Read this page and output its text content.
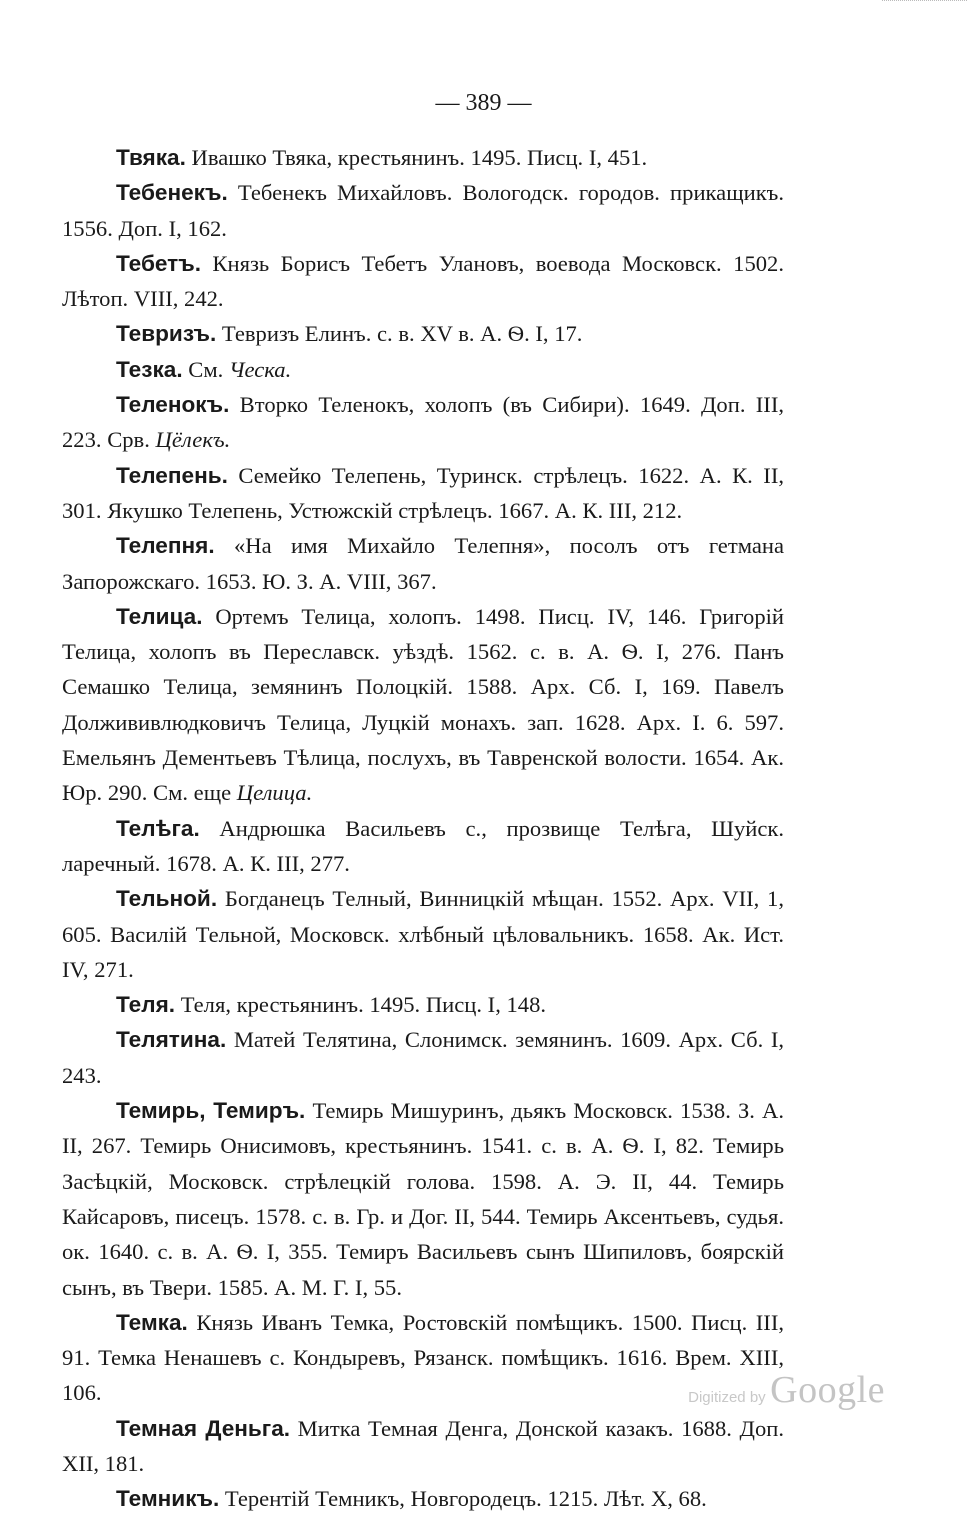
— 389 —

Твяка. Ивашко Твяка, крестьянинъ. 1495. Писц. I, 451.

Тебенекъ. Тебенекъ Михайловъ. Вологодск. городов. прикащикъ. 1556. Доп. I, 162.

Тебетъ. Князь Борисъ Тебетъ Улановъ, воевода Московск. 1502. Лѣтоп. VIII, 242.

Тевризъ. Тевризъ Елинъ. с. в. XV в. А. Ѳ. I, 17.

Тезка. См. Ческа.

Теленокъ. Вторко Теленокъ, холопъ (въ Сибири). 1649. Доп. III, 223. Срв. Цёлекъ.

Телепень. Семейко Телепень, Туринск. стрѣлецъ. 1622. А. К. II, 301. Якушко Телепень, Устюжскій стрѣлецъ. 1667. А. К. III, 212.

Телепня. «На имя Михайло Телепня», посолъ отъ гетмана Запорожскаго. 1653. Ю. З. А. VIII, 367.

Телица. Ортемъ Телица, холопъ. 1498. Писц. IV, 146. Григорій Телица, холопъ въ Переславск. уѣздѣ. 1562. с. в. А. Ѳ. I, 276. Панъ Семашко Телица, земянинъ Полоцкій. 1588. Арх. Сб. I, 169. Павелъ Должививлюдковичъ Телица, Луцкій монахъ. зап. 1628. Арх. I. 6. 597. Емельянъ Дементьевъ Тѣлица, послухъ, въ Тавренской волости. 1654. Ак. Юр. 290. См. еще Целица.

Телѣга. Андрюшка Васильевъ с., прозвище Телѣга, Шуйск. ларечный. 1678. А. К. III, 277.

Тельной. Богданецъ Телный, Винницкій мѣщан. 1552. Арх. VII, 1, 605. Василій Тельной, Московск. хлѣбный цѣловальникъ. 1658. Ак. Ист. IV, 271.

Теля. Теля, крестьянинъ. 1495. Писц. I, 148.

Телятина. Матей Телятина, Слонимск. земянинъ. 1609. Арх. Сб. I, 243.

Темирь, Темиръ. Темирь Мишуринъ, дьякъ Московск. 1538. З. А. II, 267. Темирь Онисимовъ, крестьянинъ. 1541. с. в. А. Ѳ. I, 82. Темирь Засѣцкій, Московск. стрѣлецкій голова. 1598. А. Э. II, 44. Темирь Кайсаровъ, писецъ. 1578. с. в. Гр. и Дог. II, 544. Темирь Аксентьевъ, судья. ок. 1640. с. в. А. Ѳ. I, 355. Темиръ Васильевъ сынъ Шипиловъ, боярскій сынъ, въ Твери. 1585. А. М. Г. I, 55.

Темка. Князь Иванъ Темка, Ростовскій помѣщикъ. 1500. Писц. III, 91. Темка Ненашевъ с. Кондыревъ, Рязанск. помѣщикъ. 1616. Врем. XIII, 106.

Темная Деньга. Митка Темная Денга, Донской казакъ. 1688. Доп. XII, 181.

Темникъ. Терентій Темникъ, Новгородецъ. 1215. Лѣт. X, 68.

Digitized by Google
